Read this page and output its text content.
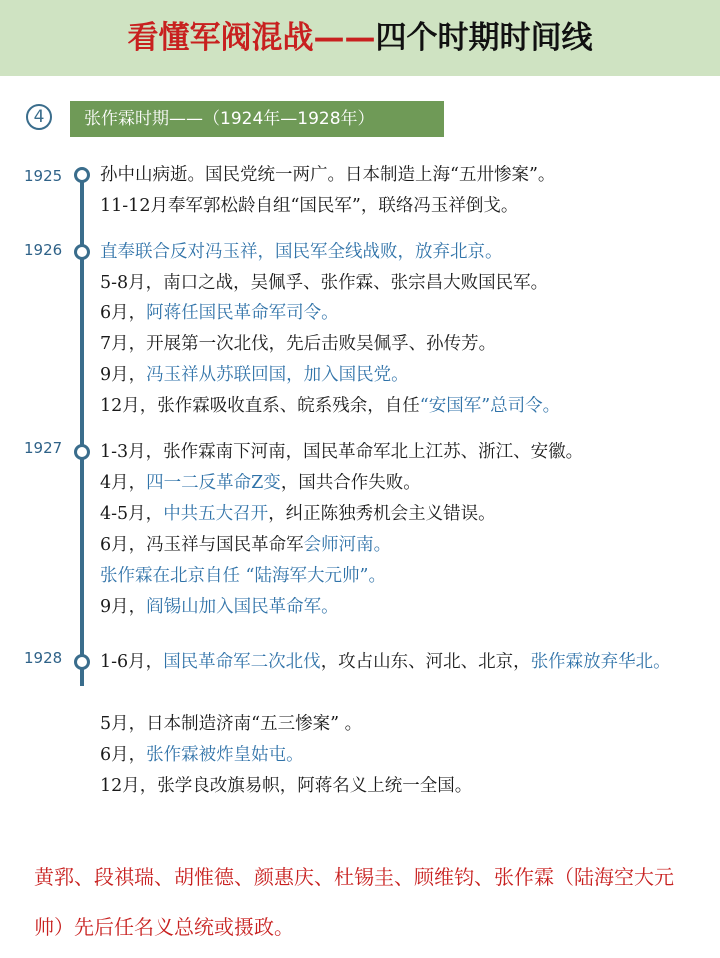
看懂军阀混战——四个时期时间线
4	张作霖时期——（1924年—1928年）
1925	孙中山病逝。国民党统一两广。日本制造上海“五卅惨案”。
11-12月奉军郭松龄自组“国民军”，联络冯玉祥倒戈。
1926	直奉联合反对冯玉祥，国民军全线战败，放弃北京。
5-8月，南口之战，吴佩孚、张作霖、张宗昌大败国民军。
6月，阿蒋任国民革命军司令。
7月，开展第一次北伐，先后击败吴佩孚、孙传芳。
9月，冯玉祥从苏联回国，加入国民党。
12月，张作霖吸收直系、皖系残余，自任“安国军”总司令。
1927	1-3月，张作霖南下河南，国民革命军北上江苏、浙江、安徽。
4月，四一二反革命Z变，国共合作失败。
4-5月，中共五大召开，纠正陈独秀机会主义错误。
6月，冯玉祥与国民革命军会师河南。
张作霖在北京自任 “陆海军大元帅”。
9月，阎锡山加入国民革命军。
1928	1-6月，国民革命军二次北伐，攻占山东、河北、北京，张作霖放弃华北。
5月，日本制造济南“五三惨案” 。
6月，张作霖被炸皇姑屯。
12月，张学良改旗易帜，阿蒋名义上统一全国。
黄郛、段祺瑞、胡惟德、颜惠庆、杜锡圭、顾维钧、张作霖（陆海空大元帅）先后任名义总统或摄政。
